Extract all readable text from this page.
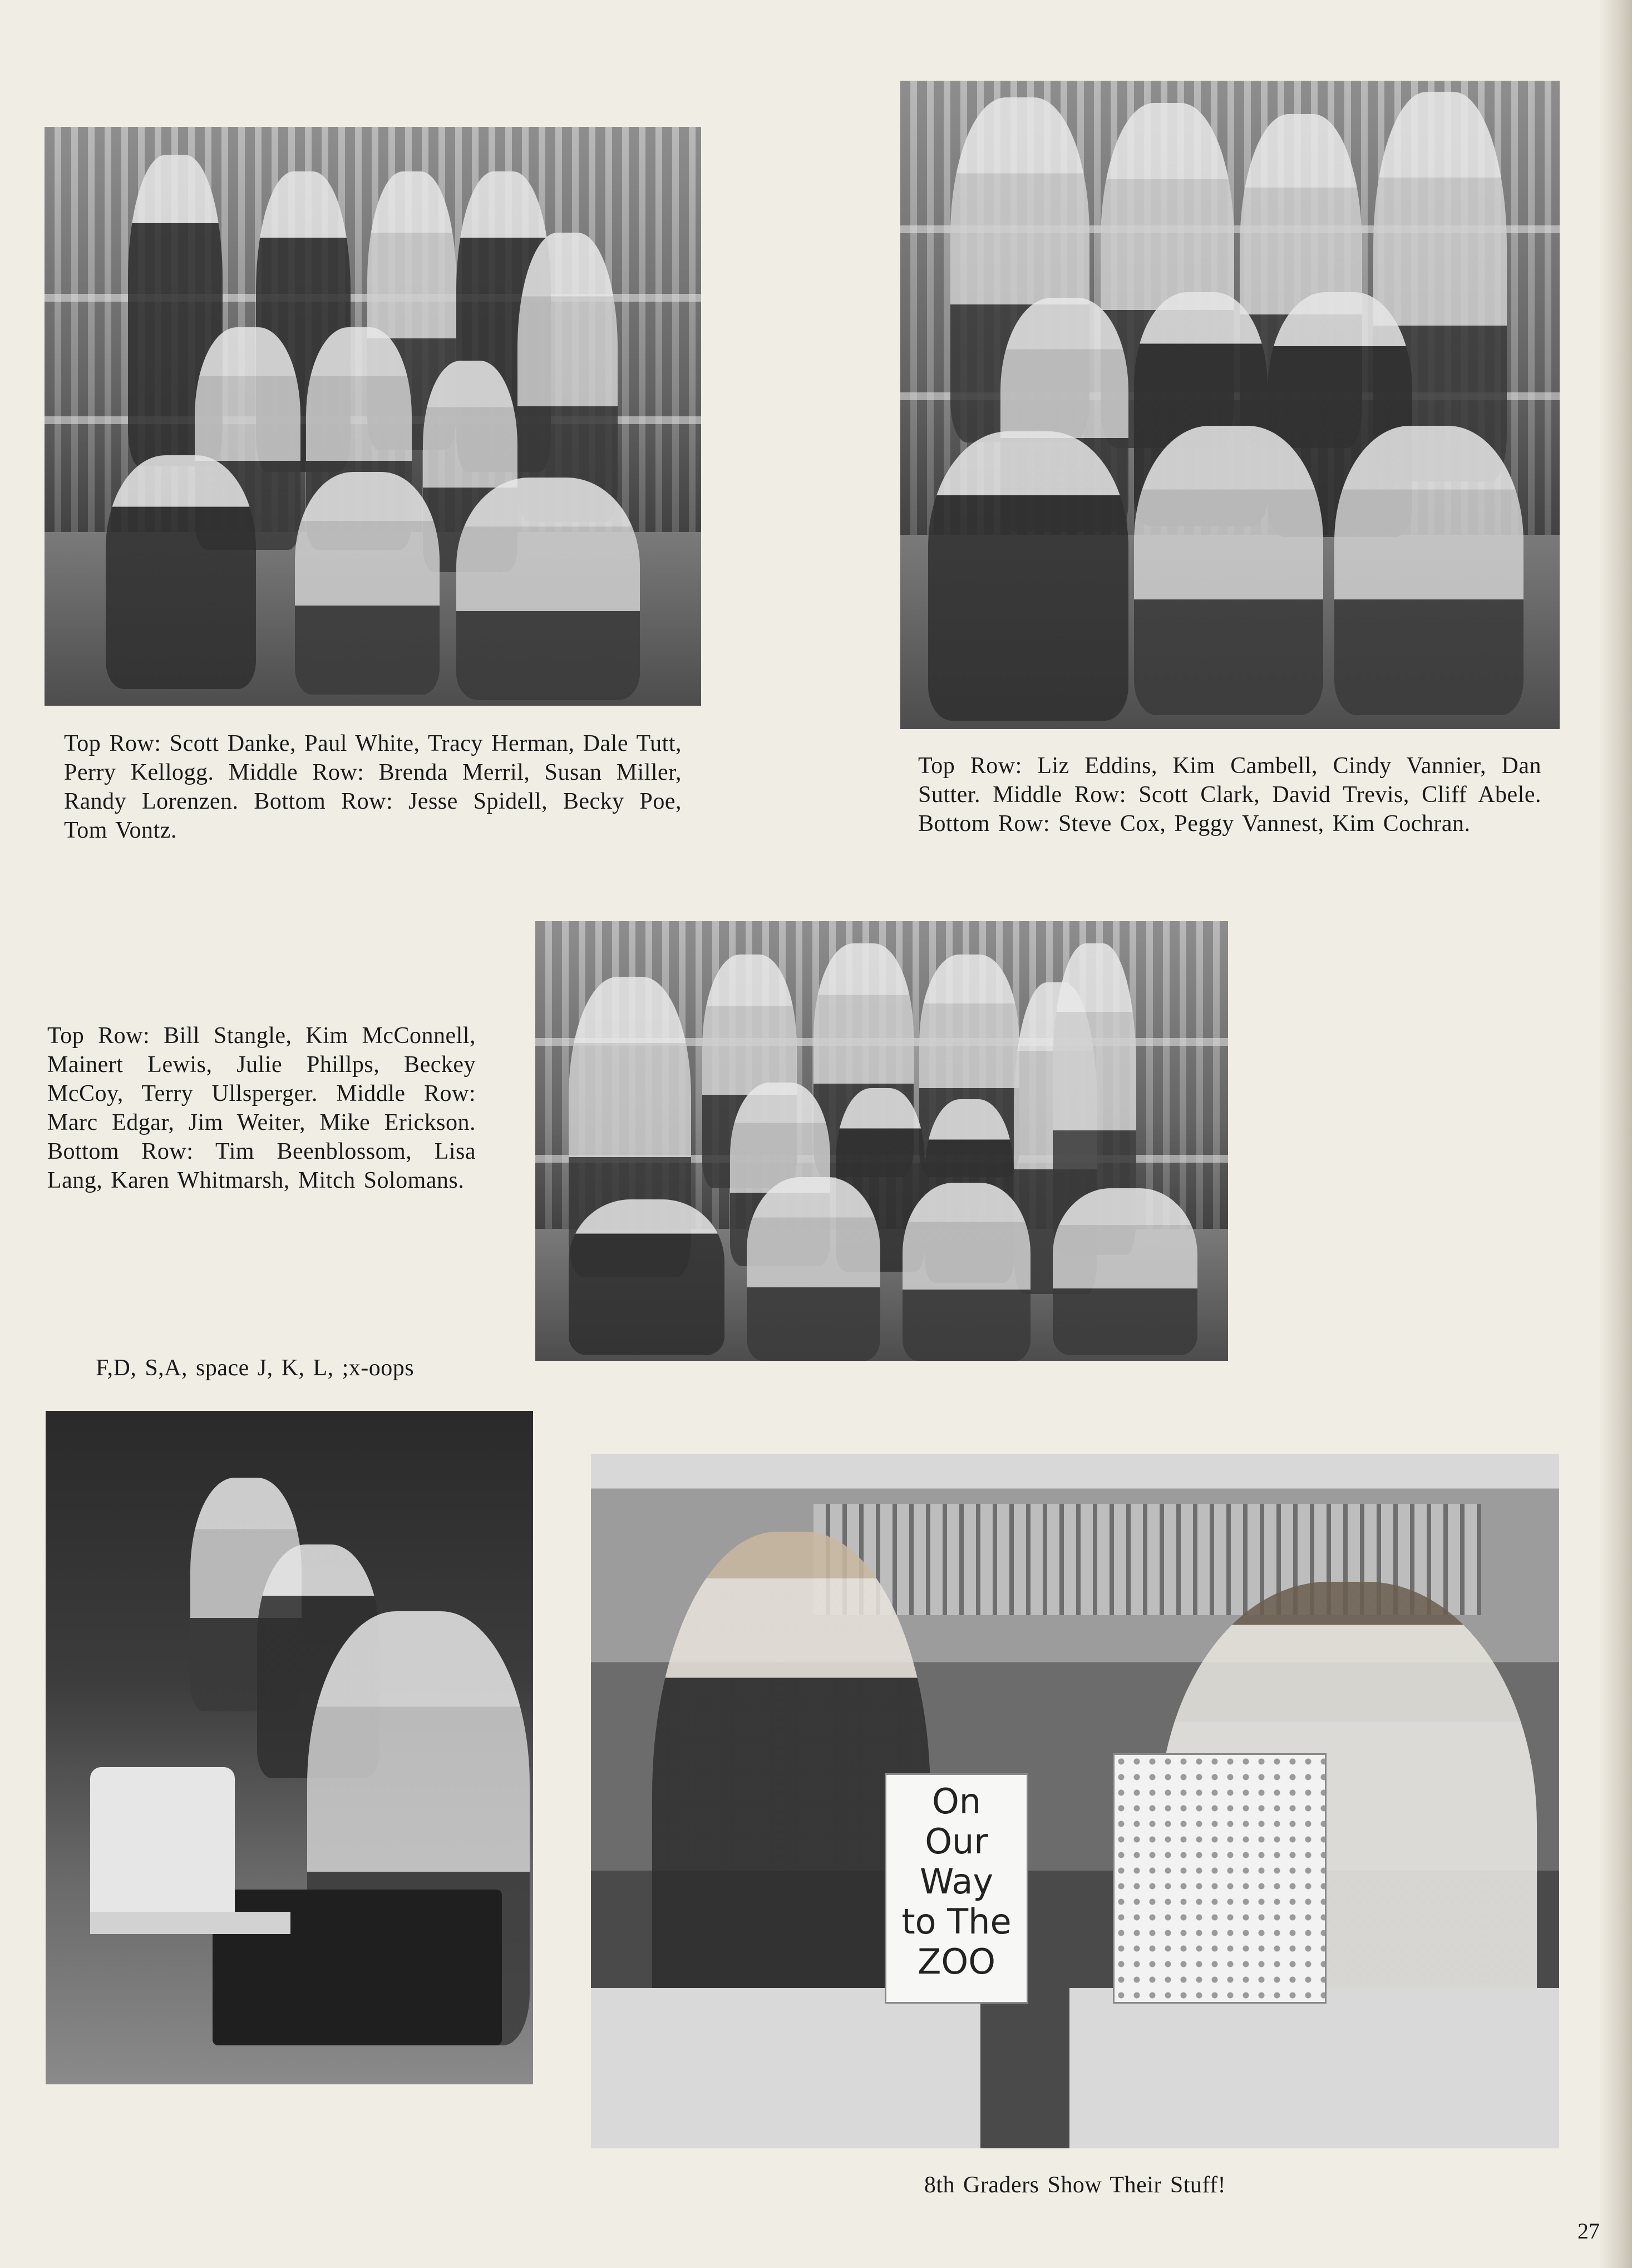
Top Row: Scott Danke, Paul White, Tracy Herman, Dale Tutt, Perry Kellogg. Middle Row: Brenda Merril, Susan Miller, Randy Lorenzen. Bottom Row: Jesse Spidell, Becky Poe, Tom Vontz.
Top Row: Liz Eddins, Kim Cambell, Cindy Vannier, Dan Sutter. Middle Row: Scott Clark, David Trevis, Cliff Abele. Bottom Row: Steve Cox, Peggy Vannest, Kim Cochran.
Top Row: Bill Stangle, Kim McConnell, Mainert Lewis, Julie Phillps, Beckey McCoy, Terry Ullsperger. Middle Row: Marc Edgar, Jim Weiter, Mike Erickson. Bottom Row: Tim Beenblossom, Lisa Lang, Karen Whitmarsh, Mitch Solomans.
F,D, S,A, space J, K, L, ;x-oops
On
Our
Way
to The
ZOO
8th Graders Show Their Stuff!
27
